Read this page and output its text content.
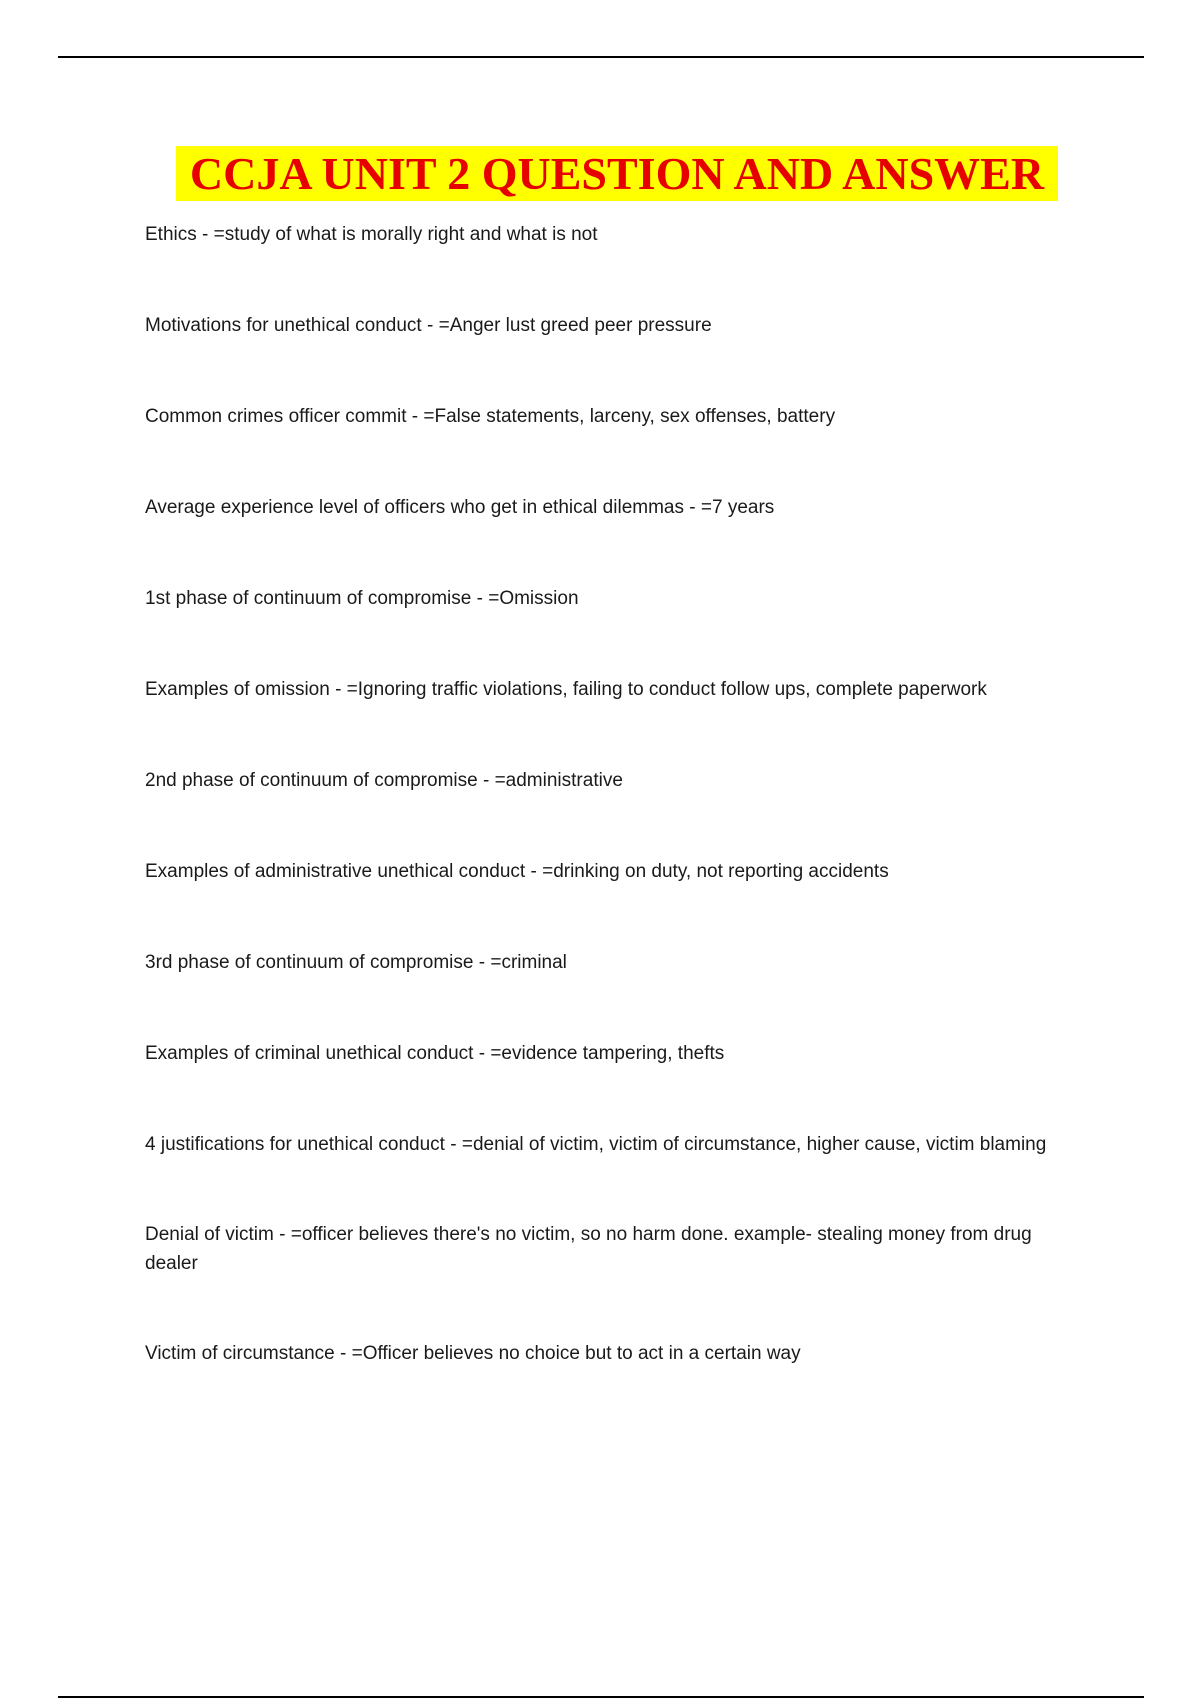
CCJA UNIT 2 QUESTION AND ANSWER
Ethics - =study of what is morally right and what is not
Motivations for unethical conduct - =Anger lust greed peer pressure
Common crimes officer commit - =False statements, larceny, sex offenses, battery
Average experience level of officers who get in ethical dilemmas - =7 years
1st phase of continuum of compromise - =Omission
Examples of omission - =Ignoring traffic violations, failing to conduct follow ups, complete paperwork
2nd phase of continuum of compromise - =administrative
Examples of administrative unethical conduct - =drinking on duty, not reporting accidents
3rd phase of continuum of compromise - =criminal
Examples of criminal unethical conduct - =evidence tampering, thefts
4 justifications for unethical conduct - =denial of victim, victim of circumstance, higher cause, victim blaming
Denial of victim - =officer believes there's no victim, so no harm done. example- stealing money from drug dealer
Victim of circumstance - =Officer believes no choice but to act in a certain way
